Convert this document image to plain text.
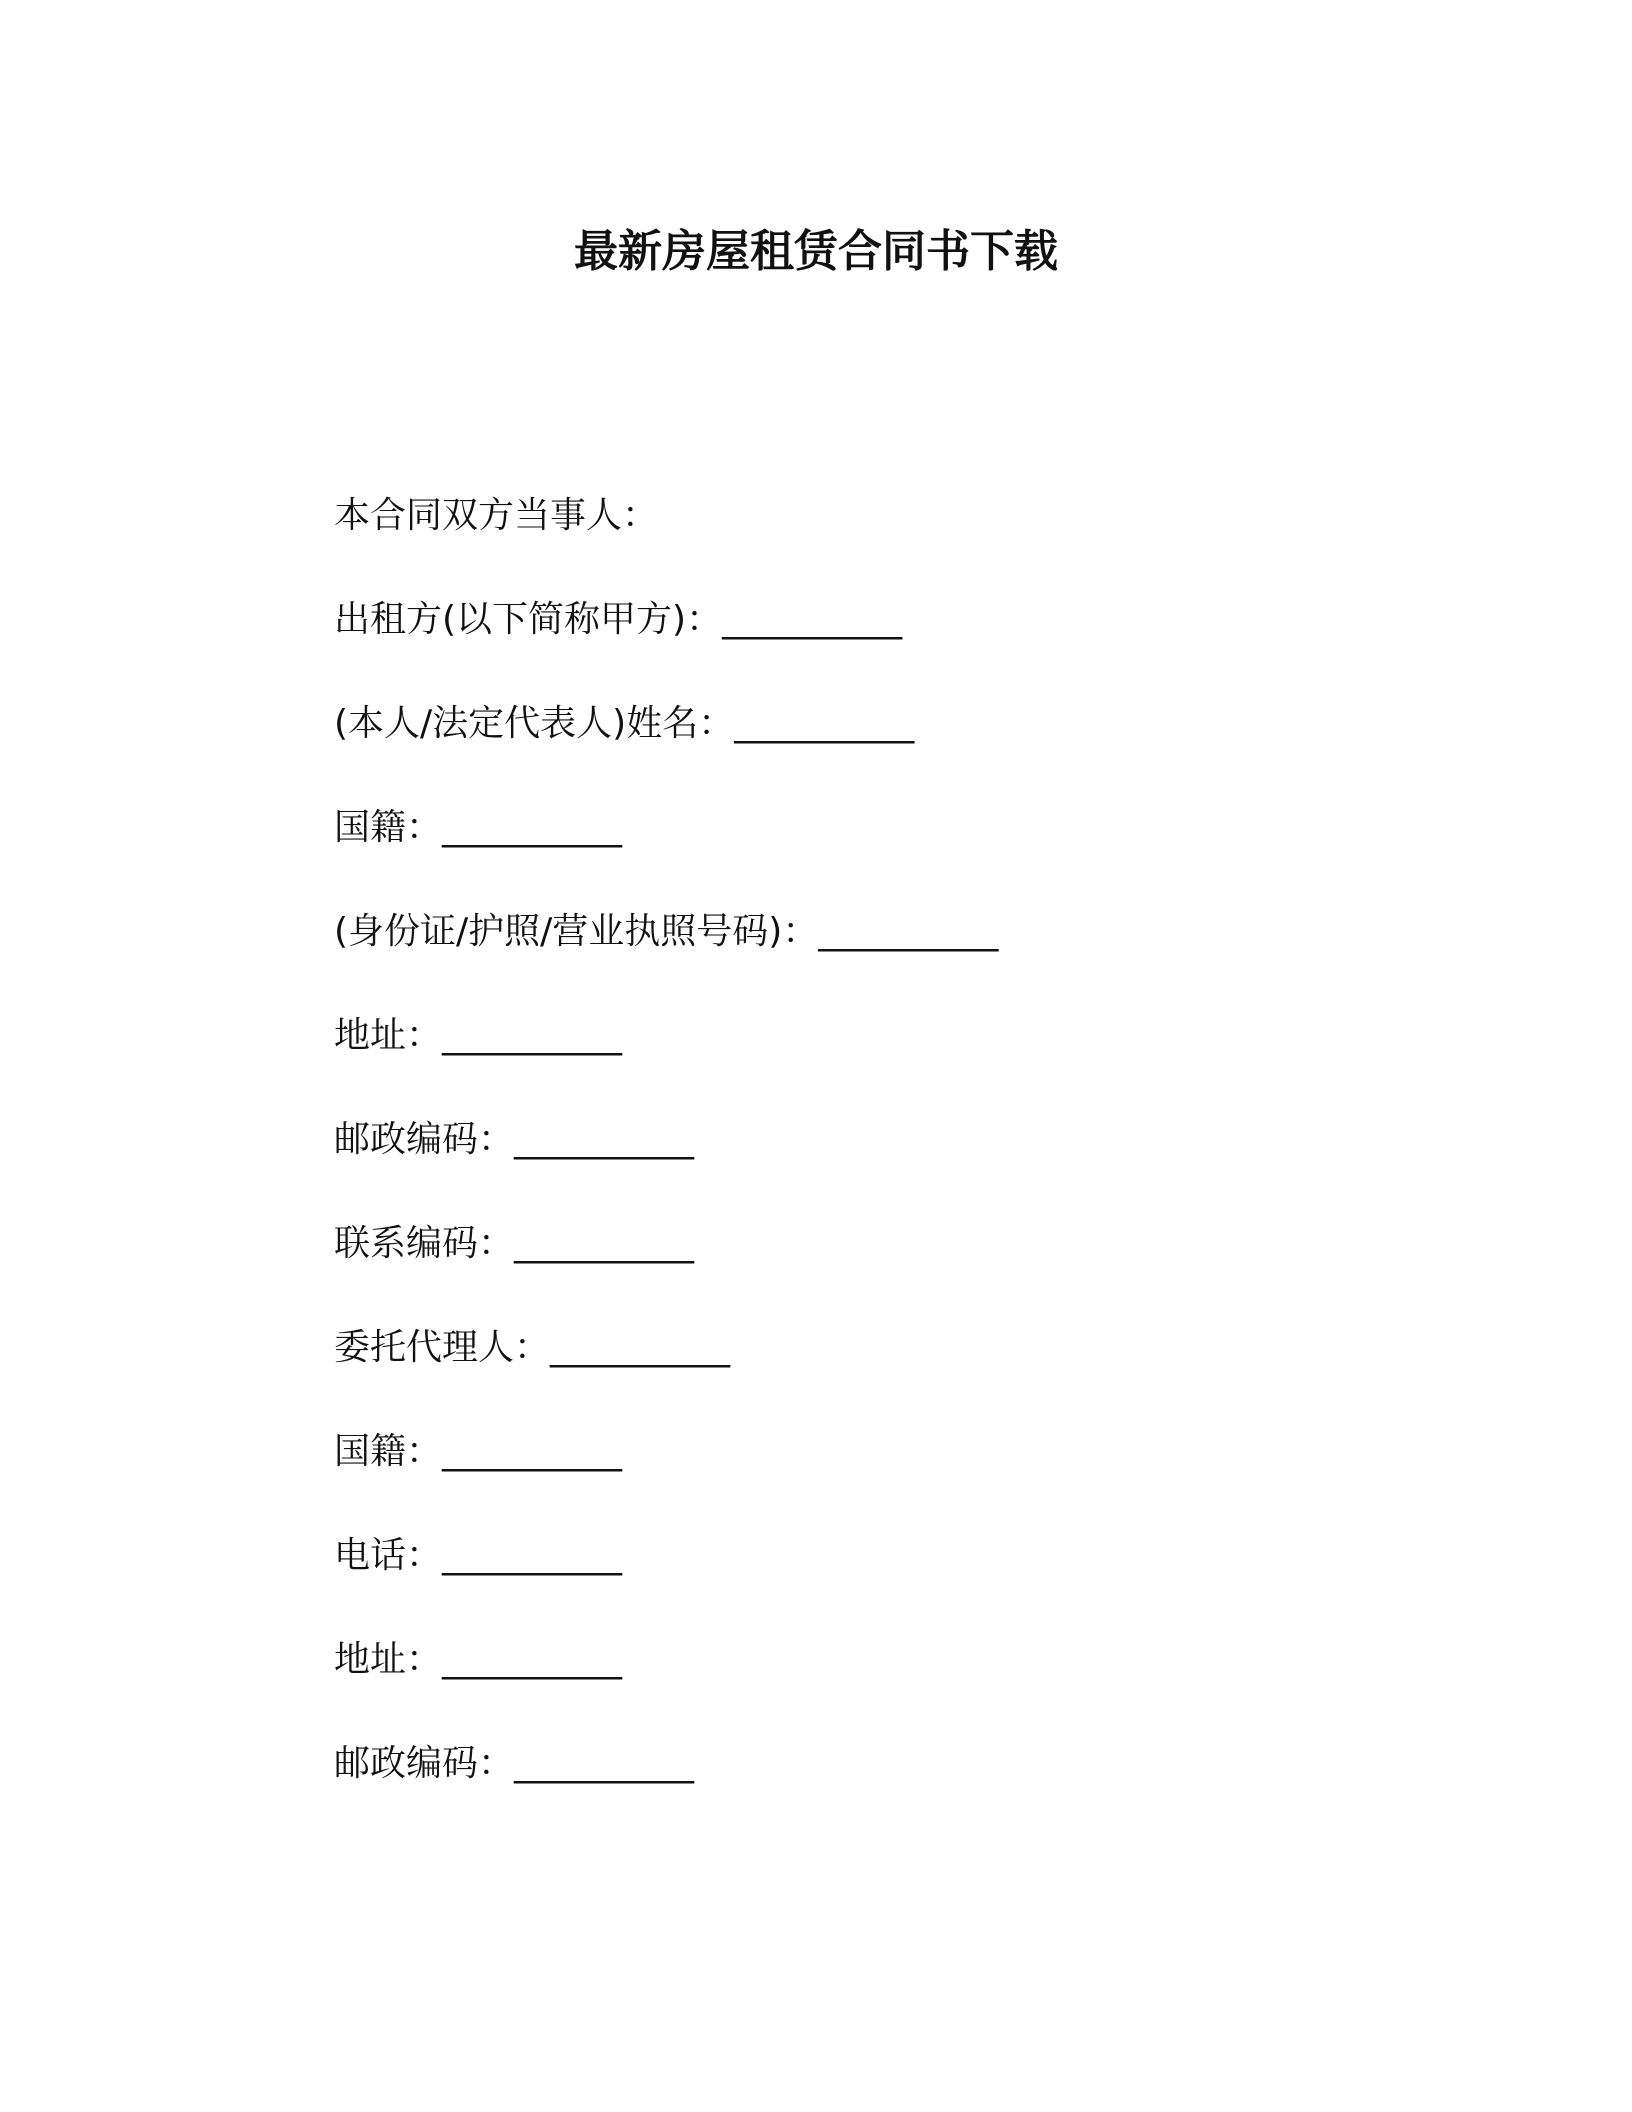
最新房屋租赁合同书下载
本合同双方当事人：
出租方(以下简称甲方)：__________
(本人/法定代表人)姓名：__________
国籍：__________
(身份证/护照/营业执照号码)：__________
地址：__________
邮政编码：__________
联系编码：__________
委托代理人：__________
国籍：__________
电话：__________
地址：__________
邮政编码：__________
